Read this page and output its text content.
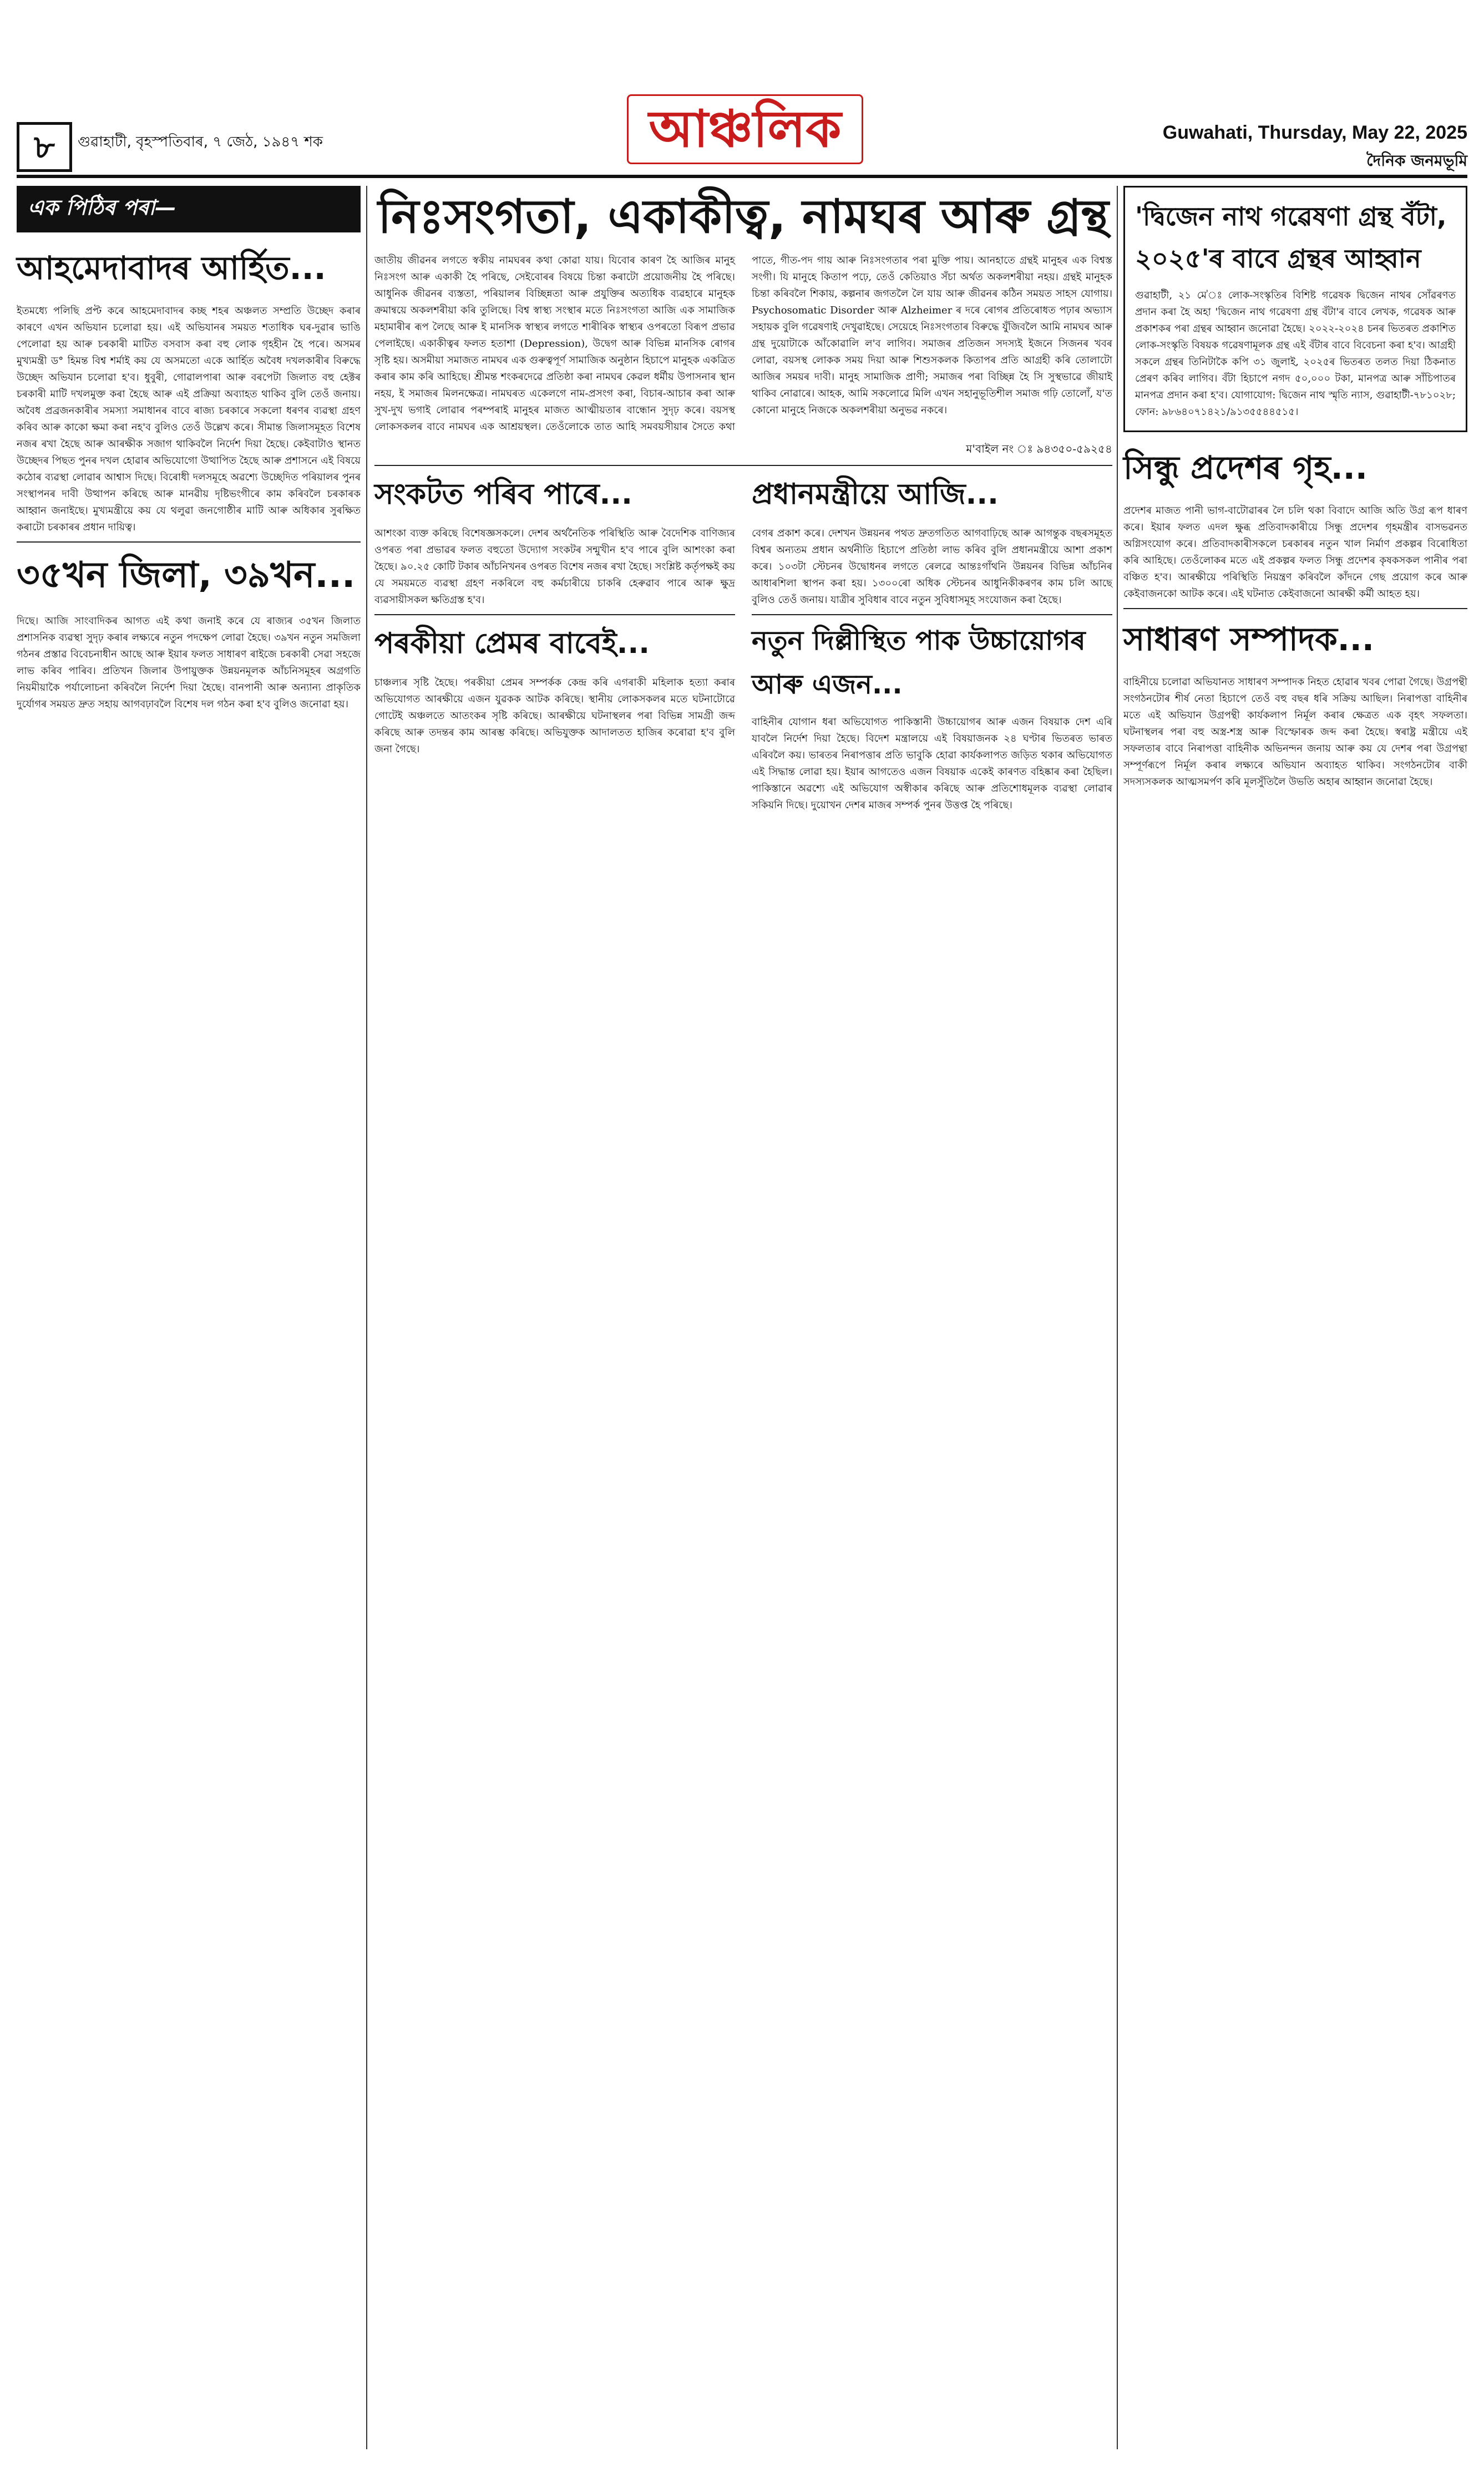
৮	গুৱাহাটী, বৃহস্পতিবাৰ, ৭ জেঠ, ১৯৪৭ শক	আঞ্চলিক	Guwahati, Thursday, May 22, 2025
দৈনিক জনমভূমি
এক পিঠিৰ পৰা—
আহমেদাবাদৰ আৰ্হিত...

ইতমধ্যে পলিছি প্ৰপ্ট কৰে আহমেদাবাদৰ কচ্ছ শহৰ অঞ্চলত সম্প্ৰতি উচ্ছেদ কৰাৰ কাৰণে এখন অভিযান চলোৱা হয়। এই অভিযানৰ সময়ত শতাধিক ঘৰ-দুৱাৰ ভাঙি পেলোৱা হয় আৰু চৰকাৰী মাটিত বসবাস কৰা বহু লোক গৃহহীন হৈ পৰে। অসমৰ মুখ্যমন্ত্ৰী ড° হিমন্ত বিশ্ব শৰ্মাই কয় যে অসমতো একে আৰ্হিত অবৈধ দখলকাৰীৰ বিৰুদ্ধে উচ্ছেদ অভিযান চলোৱা হ'ব। ধুবুৰী, গোৱালপাৰা আৰু বৰপেটা জিলাত বহু হেক্টৰ চৰকাৰী মাটি দখলমুক্ত কৰা হৈছে আৰু এই প্ৰক্ৰিয়া অব্যাহত থাকিব বুলি তেওঁ জনায়। অবৈধ প্ৰব্ৰজনকাৰীৰ সমস্যা সমাধানৰ বাবে ৰাজ্য চৰকাৰে সকলো ধৰণৰ ব্যৱস্থা গ্ৰহণ কৰিব আৰু কাকো ক্ষমা কৰা নহ'ব বুলিও তেওঁ উল্লেখ কৰে। সীমান্ত জিলাসমূহত বিশেষ নজৰ ৰখা হৈছে আৰু আৰক্ষীক সজাগ থাকিবলৈ নিৰ্দেশ দিয়া হৈছে। কেইবাটাও স্থানত উচ্ছেদৰ পিছত পুনৰ দখল হোৱাৰ অভিযোগো উত্থাপিত হৈছে আৰু প্ৰশাসনে এই বিষয়ে কঠোৰ ব্যৱস্থা লোৱাৰ আশ্বাস দিছে। বিৰোধী দলসমূহে অৱশ্যে উচ্ছেদিত পৰিয়ালৰ পুনৰ সংস্থাপনৰ দাবী উত্থাপন কৰিছে আৰু মানৱীয় দৃষ্টিভংগীৰে কাম কৰিবলৈ চৰকাৰক আহ্বান জনাইছে। মুখ্যমন্ত্ৰীয়ে কয় যে থলুৱা জনগোষ্ঠীৰ মাটি আৰু অধিকাৰ সুৰক্ষিত কৰাটো চৰকাৰৰ প্ৰধান দায়িত্ব।

৩৫খন জিলা, ৩৯খন...

দিছে। আজি সাংবাদিকৰ আগত এই কথা জনাই কৰে যে ৰাজ্যৰ ৩৫খন জিলাত প্ৰশাসনিক ব্যৱস্থা সুদৃঢ় কৰাৰ লক্ষ্যৰে নতুন পদক্ষেপ লোৱা হৈছে। ৩৯খন নতুন সমজিলা গঠনৰ প্ৰস্তাৱ বিবেচনাধীন আছে আৰু ইয়াৰ ফলত সাধাৰণ ৰাইজে চৰকাৰী সেৱা সহজে লাভ কৰিব পাৰিব। প্ৰতিখন জিলাৰ উপায়ুক্তক উন্নয়নমূলক আঁচনিসমূহৰ অগ্ৰগতি নিয়মীয়াকৈ পৰ্যালোচনা কৰিবলৈ নিৰ্দেশ দিয়া হৈছে। বানপানী আৰু অন্যান্য প্ৰাকৃতিক দুৰ্যোগৰ সময়ত দ্ৰুত সহায় আগবঢ়াবলৈ বিশেষ দল গঠন কৰা হ'ব বুলিও জনোৱা হয়।

নিঃসংগতা, একাকীত্ব, নামঘৰ আৰু গ্ৰন্থ

জাতীয় জীৱনৰ লগতে স্বকীয় নামঘৰৰ কথা কোৱা যায়। যিবোৰ কাৰণ হৈ আজিৰ মানুহ নিঃসংগ আৰু একাকী হৈ পৰিছে, সেইবোৰৰ বিষয়ে চিন্তা কৰাটো প্ৰয়োজনীয় হৈ পৰিছে। আধুনিক জীৱনৰ ব্যস্ততা, পৰিয়ালৰ বিচ্ছিন্নতা আৰু প্ৰযুক্তিৰ অত্যধিক ব্যৱহাৰে মানুহক ক্ৰমান্বয়ে অকলশৰীয়া কৰি তুলিছে। বিশ্ব স্বাস্থ্য সংস্থাৰ মতে নিঃসংগতা আজি এক সামাজিক মহামাৰীৰ ৰূপ লৈছে আৰু ই মানসিক স্বাস্থ্যৰ লগতে শাৰীৰিক স্বাস্থ্যৰ ওপৰতো বিৰূপ প্ৰভাৱ পেলাইছে। একাকীত্বৰ ফলত হতাশা (Depression), উদ্বেগ আৰু বিভিন্ন মানসিক ৰোগৰ সৃষ্টি হয়। অসমীয়া সমাজত নামঘৰ এক গুৰুত্বপূৰ্ণ সামাজিক অনুষ্ঠান হিচাপে মানুহক একত্ৰিত কৰাৰ কাম কৰি আহিছে। শ্ৰীমন্ত শংকৰদেৱে প্ৰতিষ্ঠা কৰা নামঘৰ কেৱল ধৰ্মীয় উপাসনাৰ স্থান নহয়, ই সমাজৰ মিলনক্ষেত্ৰ। নামঘৰত একেলগে নাম-প্ৰসংগ কৰা, বিচাৰ-আচাৰ কৰা আৰু সুখ-দুখ ভগাই লোৱাৰ পৰম্পৰাই মানুহৰ মাজত আত্মীয়তাৰ বান্ধোন সুদৃঢ় কৰে। বয়সস্থ লোকসকলৰ বাবে নামঘৰ এক আশ্ৰয়স্থল। তেওঁলোকে তাত আহি সমবয়সীয়াৰ সৈতে কথা পাতে, গীত-পদ গায় আৰু নিঃসংগতাৰ পৰা মুক্তি পায়। আনহাতে গ্ৰন্থই মানুহৰ এক বিশ্বস্ত সংগী। যি মানুহে কিতাপ পঢ়ে, তেওঁ কেতিয়াও সঁচা অৰ্থত অকলশৰীয়া নহয়। গ্ৰন্থই মানুহক চিন্তা কৰিবলৈ শিকায়, কল্পনাৰ জগতলৈ লৈ যায় আৰু জীৱনৰ কঠিন সময়ত সাহস যোগায়। Psychosomatic Disorder আৰু Alzheimer ৰ দৰে ৰোগৰ প্ৰতিৰোধত পঢ়াৰ অভ্যাস সহায়ক বুলি গৱেষণাই দেখুৱাইছে। সেয়েহে নিঃসংগতাৰ বিৰুদ্ধে যুঁজিবলৈ আমি নামঘৰ আৰু গ্ৰন্থ দুয়োটাকে আঁকোৱালি ল'ব লাগিব। সমাজৰ প্ৰতিজন সদস্যই ইজনে সিজনৰ খবৰ লোৱা, বয়সস্থ লোকক সময় দিয়া আৰু শিশুসকলক কিতাপৰ প্ৰতি আগ্ৰহী কৰি তোলাটো আজিৰ সময়ৰ দাবী। মানুহ সামাজিক প্ৰাণী; সমাজৰ পৰা বিচ্ছিন্ন হৈ সি সুস্থভাৱে জীয়াই থাকিব নোৱাৰে। আহক, আমি সকলোৱে মিলি এখন সহানুভূতিশীল সমাজ গঢ়ি তোলোঁ, য'ত কোনো মানুহে নিজকে অকলশৰীয়া অনুভৱ নকৰে।

ম'বাইল নং ঃ ৯৪৩৫০-৫৯২৫৪
সংকটত পৰিব পাৰে...

আশংকা ব্যক্ত কৰিছে বিশেষজ্ঞসকলে। দেশৰ অৰ্থনৈতিক পৰিস্থিতি আৰু বৈদেশিক বাণিজ্যৰ ওপৰত পৰা প্ৰভাৱৰ ফলত বহুতো উদ্যোগ সংকটৰ সন্মুখীন হ'ব পাৰে বুলি আশংকা কৰা হৈছে। ৯০.২৫ কোটি টকাৰ আঁচনিখনৰ ওপৰত বিশেষ নজৰ ৰখা হৈছে। সংশ্লিষ্ট কৰ্তৃপক্ষই কয় যে সময়মতে ব্যৱস্থা গ্ৰহণ নকৰিলে বহু কৰ্মচাৰীয়ে চাকৰি হেৰুৱাব পাৰে আৰু ক্ষুদ্ৰ ব্যৱসায়ীসকল ক্ষতিগ্ৰস্ত হ'ব।

পৰকীয়া প্ৰেমৰ বাবেই...

চাঞ্চল্যৰ সৃষ্টি হৈছে। পৰকীয়া প্ৰেমৰ সম্পৰ্কক কেন্দ্ৰ কৰি এগৰাকী মহিলাক হত্যা কৰাৰ অভিযোগত আৰক্ষীয়ে এজন যুৱকক আটক কৰিছে। স্থানীয় লোকসকলৰ মতে ঘটনাটোৱে গোটেই অঞ্চলতে আতংকৰ সৃষ্টি কৰিছে। আৰক্ষীয়ে ঘটনাস্থলৰ পৰা বিভিন্ন সামগ্ৰী জব্দ কৰিছে আৰু তদন্তৰ কাম আৰম্ভ কৰিছে। অভিযুক্তক আদালতত হাজিৰ কৰোৱা হ'ব বুলি জনা গৈছে।

প্ৰধানমন্ত্ৰীয়ে আজি...

বেগৰ প্ৰকাশ কৰে। দেশখন উন্নয়নৰ পথত দ্ৰুতগতিত আগবাঢ়িছে আৰু আগন্তুক বছৰসমূহত বিশ্বৰ অন্যতম প্ৰধান অৰ্থনীতি হিচাপে প্ৰতিষ্ঠা লাভ কৰিব বুলি প্ৰধানমন্ত্ৰীয়ে আশা প্ৰকাশ কৰে। ১০৩টা স্টেচনৰ উদ্বোধনৰ লগতে ৰেলৱে আন্তঃগাঁথনি উন্নয়নৰ বিভিন্ন আঁচনিৰ আধাৰশিলা স্থাপন কৰা হয়। ১৩০০ৰো অধিক স্টেচনৰ আধুনিকীকৰণৰ কাম চলি আছে বুলিও তেওঁ জনায়। যাত্ৰীৰ সুবিধাৰ বাবে নতুন সুবিধাসমূহ সংযোজন কৰা হৈছে।

নতুন দিল্লীস্থিত পাক উচ্চায়োগৰ আৰু এজন...

বাহিনীৰ যোগান ধৰা অভিযোগত পাকিস্তানী উচ্চায়োগৰ আৰু এজন বিষয়াক দেশ এৰি যাবলৈ নিৰ্দেশ দিয়া হৈছে। বিদেশ মন্ত্ৰালয়ে এই বিষয়াজনক ২৪ ঘণ্টাৰ ভিতৰত ভাৰত এৰিবলৈ কয়। ভাৰতৰ নিৰাপত্তাৰ প্ৰতি ভাবুকি হোৱা কাৰ্যকলাপত জড়িত থকাৰ অভিযোগত এই সিদ্ধান্ত লোৱা হয়। ইয়াৰ আগতেও এজন বিষয়াক একেই কাৰণত বহিষ্কাৰ কৰা হৈছিল। পাকিস্তানে অৱশ্যে এই অভিযোগ অস্বীকাৰ কৰিছে আৰু প্ৰতিশোধমূলক ব্যৱস্থা লোৱাৰ সকিয়নি দিছে। দুয়োখন দেশৰ মাজৰ সম্পৰ্ক পুনৰ উত্তপ্ত হৈ পৰিছে।

'দ্বিজেন নাথ গৱেষণা গ্ৰন্থ বঁটা, ২০২৫'ৰ বাবে গ্ৰন্থৰ আহ্বান

গুৱাহাটী, ২১ মে'ঃ লোক-সংস্কৃতিৰ বিশিষ্ট গৱেষক দ্বিজেন নাথৰ সোঁৱৰণত প্ৰদান কৰা হৈ অহা 'দ্বিজেন নাথ গৱেষণা গ্ৰন্থ বঁটা'ৰ বাবে লেখক, গৱেষক আৰু প্ৰকাশকৰ পৰা গ্ৰন্থৰ আহ্বান জনোৱা হৈছে। ২০২২-২০২৪ চনৰ ভিতৰত প্ৰকাশিত লোক-সংস্কৃতি বিষয়ক গৱেষণামূলক গ্ৰন্থ এই বঁটাৰ বাবে বিবেচনা কৰা হ'ব। আগ্ৰহী সকলে গ্ৰন্থৰ তিনিটাকৈ কপি ৩১ জুলাই, ২০২৫ৰ ভিতৰত তলত দিয়া ঠিকনাত প্ৰেৰণ কৰিব লাগিব। বঁটা হিচাপে নগদ ৫০,০০০ টকা, মানপত্ৰ আৰু সাঁচিপাতৰ মানপত্ৰ প্ৰদান কৰা হ'ব। যোগাযোগ: দ্বিজেন নাথ স্মৃতি ন্যাস, গুৱাহাটী-৭৮১০২৮; ফোন: ৯৮৬৪০৭১৪২১/৯১৩৫৫৪৪৫১৫।

সিন্ধু প্ৰদেশৰ গৃহ...

প্ৰদেশৰ মাজত পানী ভাগ-বাটোৱাৰৰ লৈ চলি থকা বিবাদে আজি অতি উগ্ৰ ৰূপ ধাৰণ কৰে। ইয়াৰ ফলত এদল ক্ষুব্ধ প্ৰতিবাদকাৰীয়ে সিন্ধু প্ৰদেশৰ গৃহমন্ত্ৰীৰ বাসভৱনত অগ্নিসংযোগ কৰে। প্ৰতিবাদকাৰীসকলে চৰকাৰৰ নতুন খাল নিৰ্মাণ প্ৰকল্পৰ বিৰোধিতা কৰি আহিছে। তেওঁলোকৰ মতে এই প্ৰকল্পৰ ফলত সিন্ধু প্ৰদেশৰ কৃষকসকল পানীৰ পৰা বঞ্চিত হ'ব। আৰক্ষীয়ে পৰিস্থিতি নিয়ন্ত্ৰণ কৰিবলৈ কাঁদনে গেছ প্ৰয়োগ কৰে আৰু কেইবাজনকো আটক কৰে। এই ঘটনাত কেইবাজনো আৰক্ষী কৰ্মী আহত হয়।

সাধাৰণ সম্পাদক...

বাহিনীয়ে চলোৱা অভিযানত সাধাৰণ সম্পাদক নিহত হোৱাৰ খবৰ পোৱা গৈছে। উগ্ৰপন্থী সংগঠনটোৰ শীৰ্ষ নেতা হিচাপে তেওঁ বহু বছৰ ধৰি সক্ৰিয় আছিল। নিৰাপত্তা বাহিনীৰ মতে এই অভিযান উগ্ৰপন্থী কাৰ্যকলাপ নিৰ্মূল কৰাৰ ক্ষেত্ৰত এক বৃহৎ সফলতা। ঘটনাস্থলৰ পৰা বহু অস্ত্ৰ-শস্ত্ৰ আৰু বিস্ফোৰক জব্দ কৰা হৈছে। স্বৰাষ্ট্ৰ মন্ত্ৰীয়ে এই সফলতাৰ বাবে নিৰাপত্তা বাহিনীক অভিনন্দন জনায় আৰু কয় যে দেশৰ পৰা উগ্ৰপন্থা সম্পূৰ্ণৰূপে নিৰ্মূল কৰাৰ লক্ষ্যৰে অভিযান অব্যাহত থাকিব। সংগঠনটোৰ বাকী সদস্যসকলক আত্মসমৰ্পণ কৰি মূলসুঁতিলৈ উভতি অহাৰ আহ্বান জনোৱা হৈছে।
